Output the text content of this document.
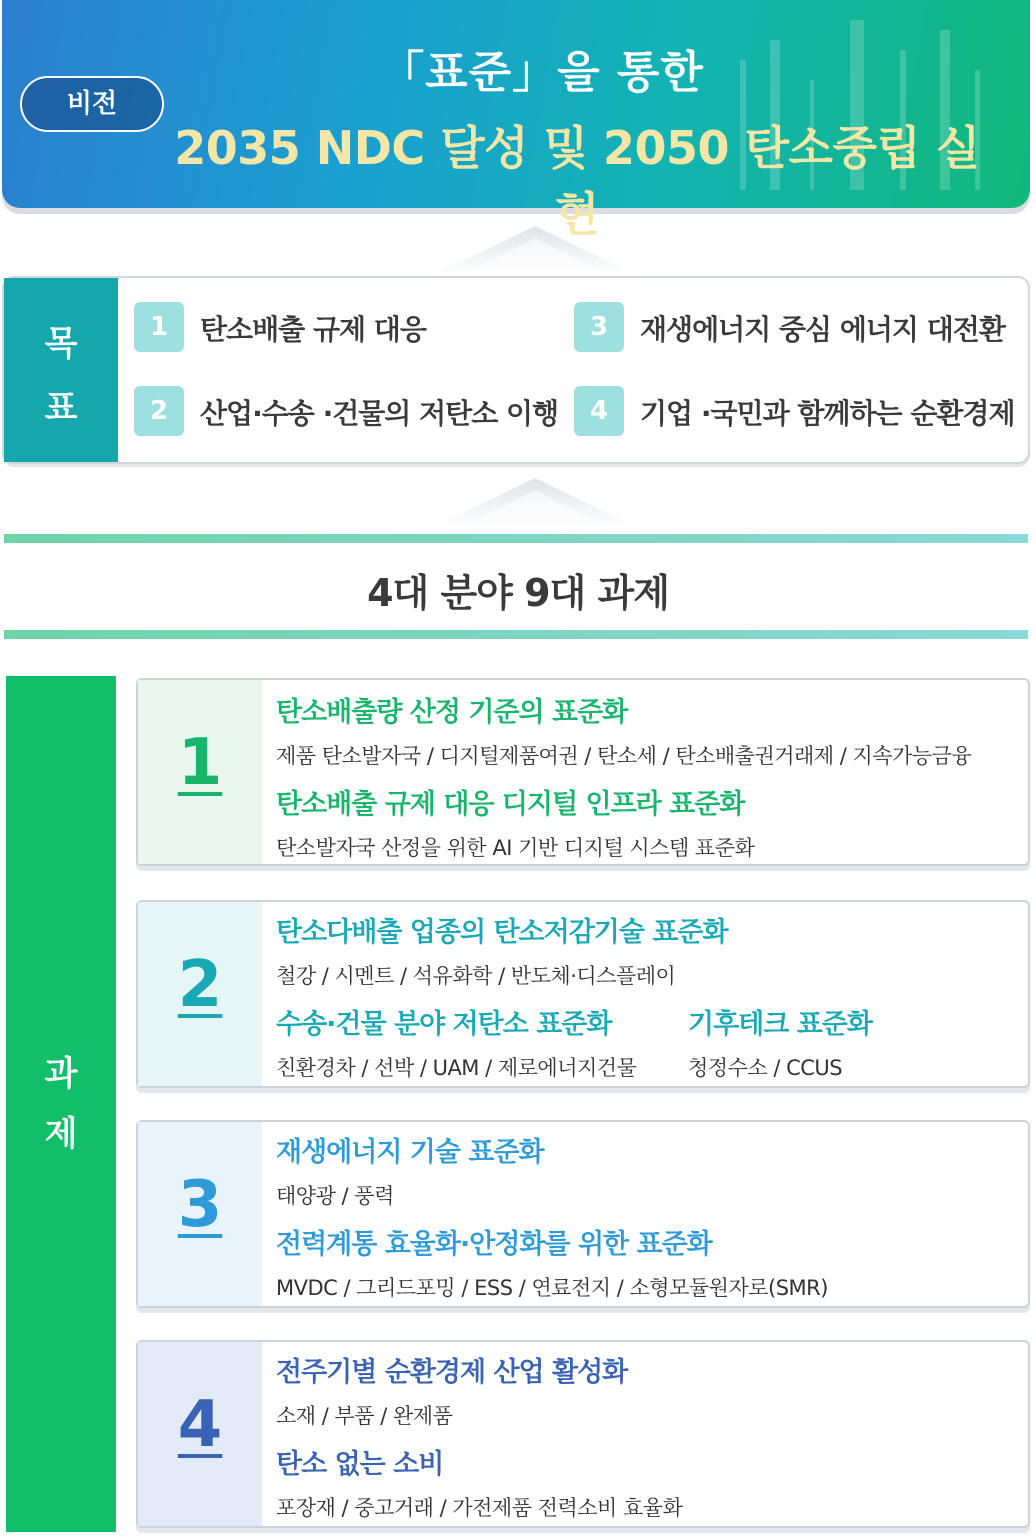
비전
「표준」을 통한
2035 NDC 달성 및 2050 탄소중립 실현
목
표
1	탄소배출 규제 대응
2	산업·수송 ·건물의 저탄소 이행
3	재생에너지 중심 에너지 대전환
4	기업 ·국민과 함께하는 순환경제
4대 분야 9대 과제
과
제
1
탄소배출량 산정 기준의 표준화
제품 탄소발자국 / 디지털제품여권 / 탄소세 / 탄소배출권거래제 / 지속가능금융
탄소배출 규제 대응 디지털 인프라 표준화
탄소발자국 산정을 위한 AI 기반 디지털 시스템 표준화
2
탄소다배출 업종의 탄소저감기술 표준화
철강 / 시멘트 / 석유화학 / 반도체·디스플레이
수송·건물 분야 저탄소 표준화
친환경차 / 선박 / UAM / 제로에너지건물
기후테크 표준화
청정수소 / CCUS
3
재생에너지 기술 표준화
태양광 / 풍력
전력계통 효율화·안정화를 위한 표준화
MVDC / 그리드포밍 / ESS / 연료전지 / 소형모듈원자로(SMR)
4
전주기별 순환경제 산업 활성화
소재 / 부품 / 완제품
탄소 없는 소비
포장재 / 중고거래 / 가전제품 전력소비 효율화
